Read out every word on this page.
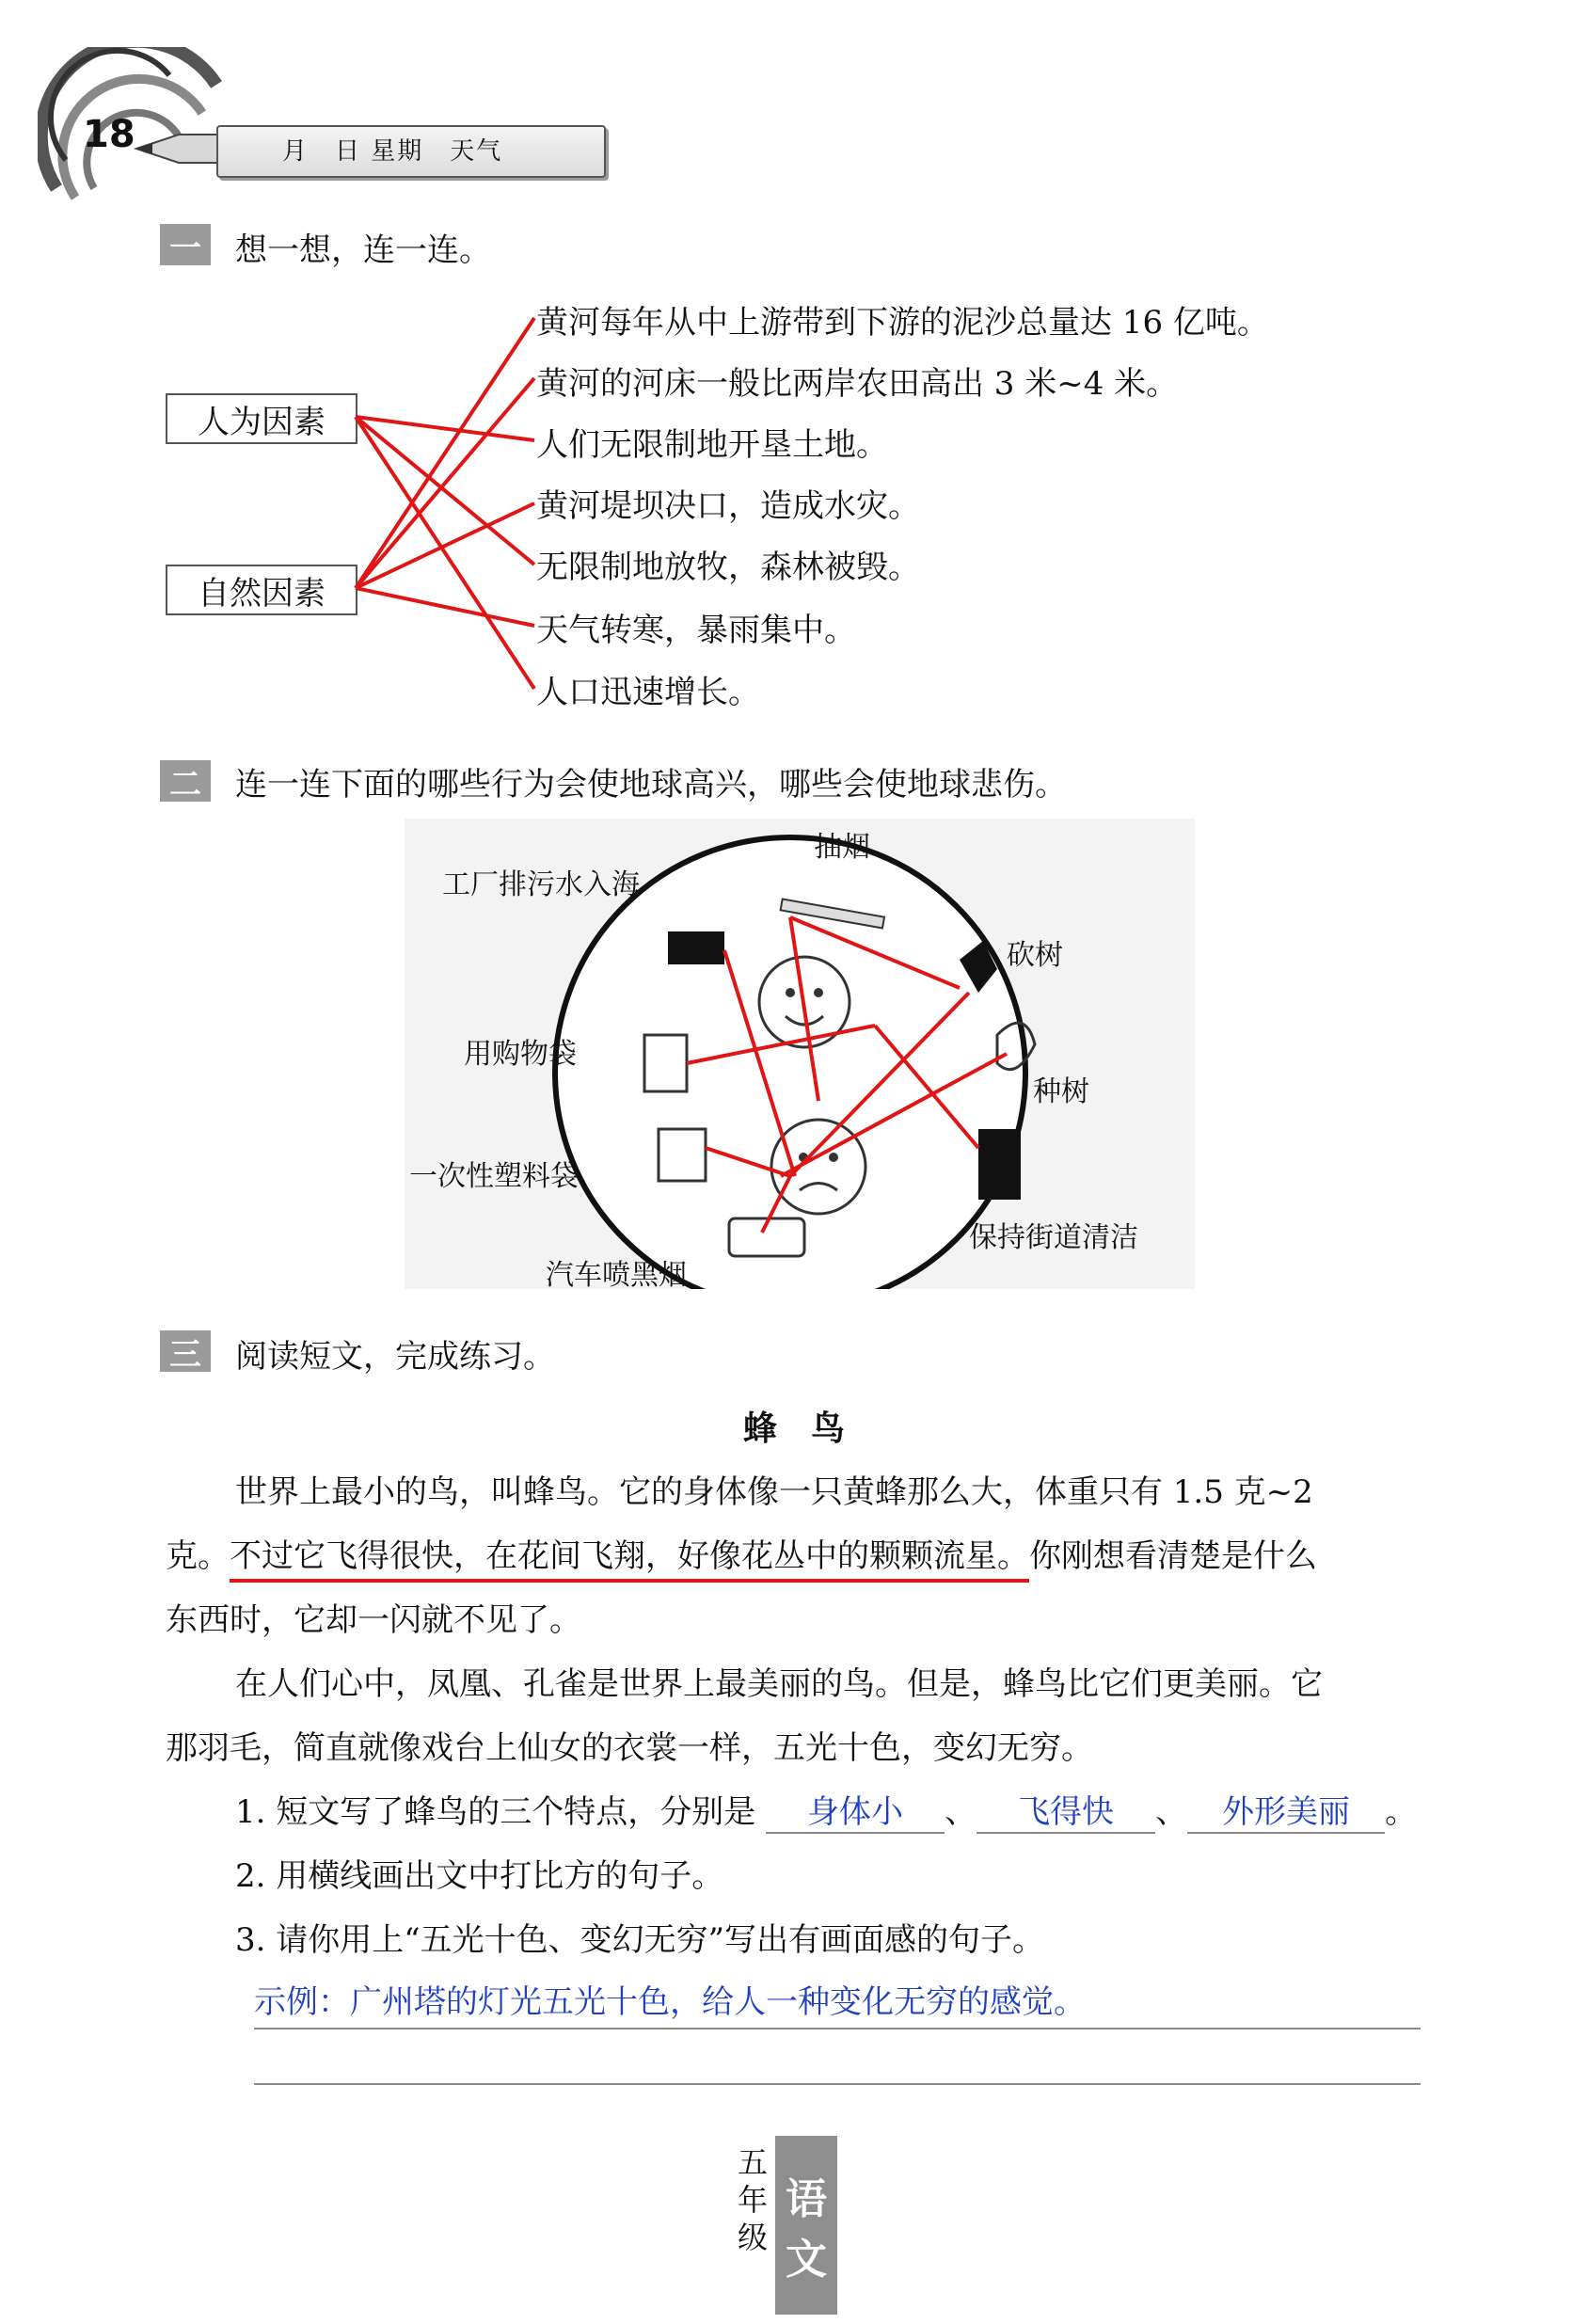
18	月　日 星期　天气
一 想一想，连一连。
人为因素
自然因素
黄河每年从中上游带到下游的泥沙总量达 16 亿吨。
黄河的河床一般比两岸农田高出 3 米~4 米。
人们无限制地开垦土地。
黄河堤坝决口，造成水灾。
无限制地放牧，森林被毁。
天气转寒，暴雨集中。
人口迅速增长。
二 连一连下面的哪些行为会使地球高兴，哪些会使地球悲伤。
抽烟
工厂排污水入海
砍树
用购物袋
种树
一次性塑料袋
保持街道清洁
汽车喷黑烟
三 阅读短文，完成练习。
蜂　鸟
世界上最小的鸟，叫蜂鸟。它的身体像一只黄蜂那么大，体重只有 1.5 克~2
克。不过它飞得很快，在花间飞翔，好像花丛中的颗颗流星。你刚想看清楚是什么
东西时，它却一闪就不见了。
在人们心中，凤凰、孔雀是世界上最美丽的鸟。但是，蜂鸟比它们更美丽。它
那羽毛，简直就像戏台上仙女的衣裳一样，五光十色，变幻无穷。
1. 短文写了蜂鸟的三个特点，分别是 身体小 、 飞得快 、 外形美丽 。
2. 用横线画出文中打比方的句子。
3. 请你用上“五光十色、变幻无穷”写出有画面感的句子。
示例：广州塔的灯光五光十色，给人一种变化无穷的感觉。
五
年
级
语
文
